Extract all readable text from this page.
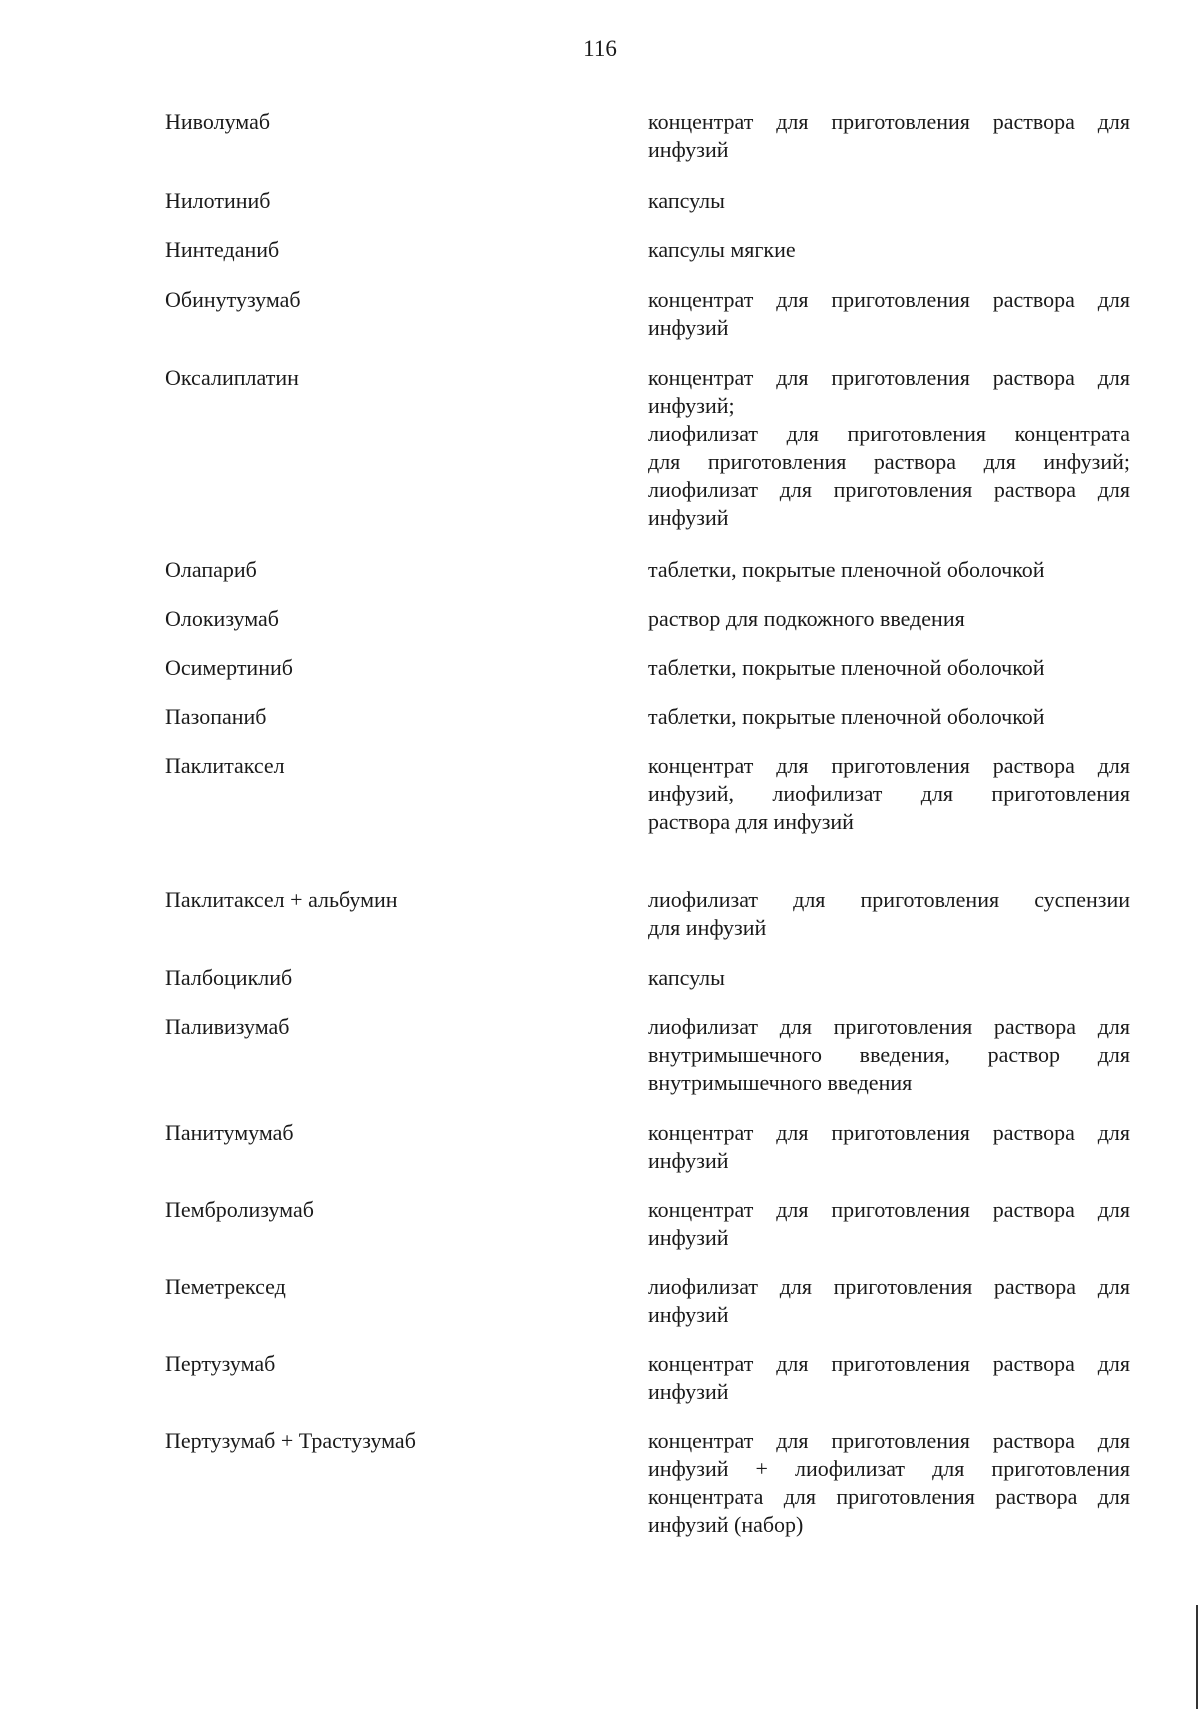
116
Ниволумаб	концентрат для приготовления раствора для
инфузий
Нилотиниб	капсулы
Нинтеданиб	капсулы мягкие
Обинутузумаб	концентрат для приготовления раствора для
инфузий
Оксалиплатин	концентрат для приготовления раствора для
инфузий;
лиофилизат для приготовления концентрата
для приготовления раствора для инфузий;
лиофилизат для приготовления раствора для
инфузий
Олапариб	таблетки, покрытые пленочной оболочкой
Олокизумаб	раствор для подкожного введения
Осимертиниб	таблетки, покрытые пленочной оболочкой
Пазопаниб	таблетки, покрытые пленочной оболочкой
Паклитаксел	концентрат для приготовления раствора для
инфузий, лиофилизат для приготовления
раствора для инфузий
Паклитаксел + альбумин	лиофилизат для приготовления суспензии
для инфузий
Палбоциклиб	капсулы
Паливизумаб	лиофилизат для приготовления раствора для
внутримышечного введения, раствор для
внутримышечного введения
Панитумумаб	концентрат для приготовления раствора для
инфузий
Пембролизумаб	концентрат для приготовления раствора для
инфузий
Пеметрексед	лиофилизат для приготовления раствора для
инфузий
Пертузумаб	концентрат для приготовления раствора для
инфузий
Пертузумаб + Трастузумаб	концентрат для приготовления раствора для
инфузий + лиофилизат для приготовления
концентрата для приготовления раствора для
инфузий (набор)
